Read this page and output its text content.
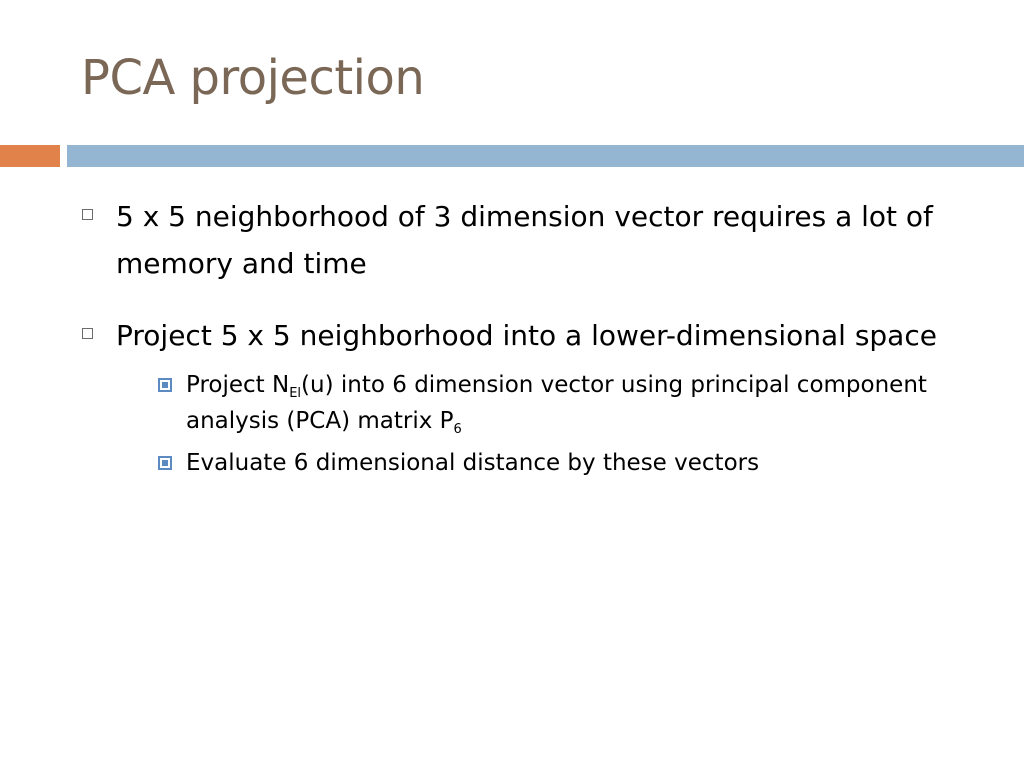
PCA projection
5 x 5 neighborhood of 3 dimension vector requires a lot of memory and time
Project 5 x 5 neighborhood into a lower-dimensional space
Project $N_{El}(u)$ into 6 dimension vector using principal component analysis (PCA) matrix $P_6$
Evaluate 6 dimensional distance by these vectors
